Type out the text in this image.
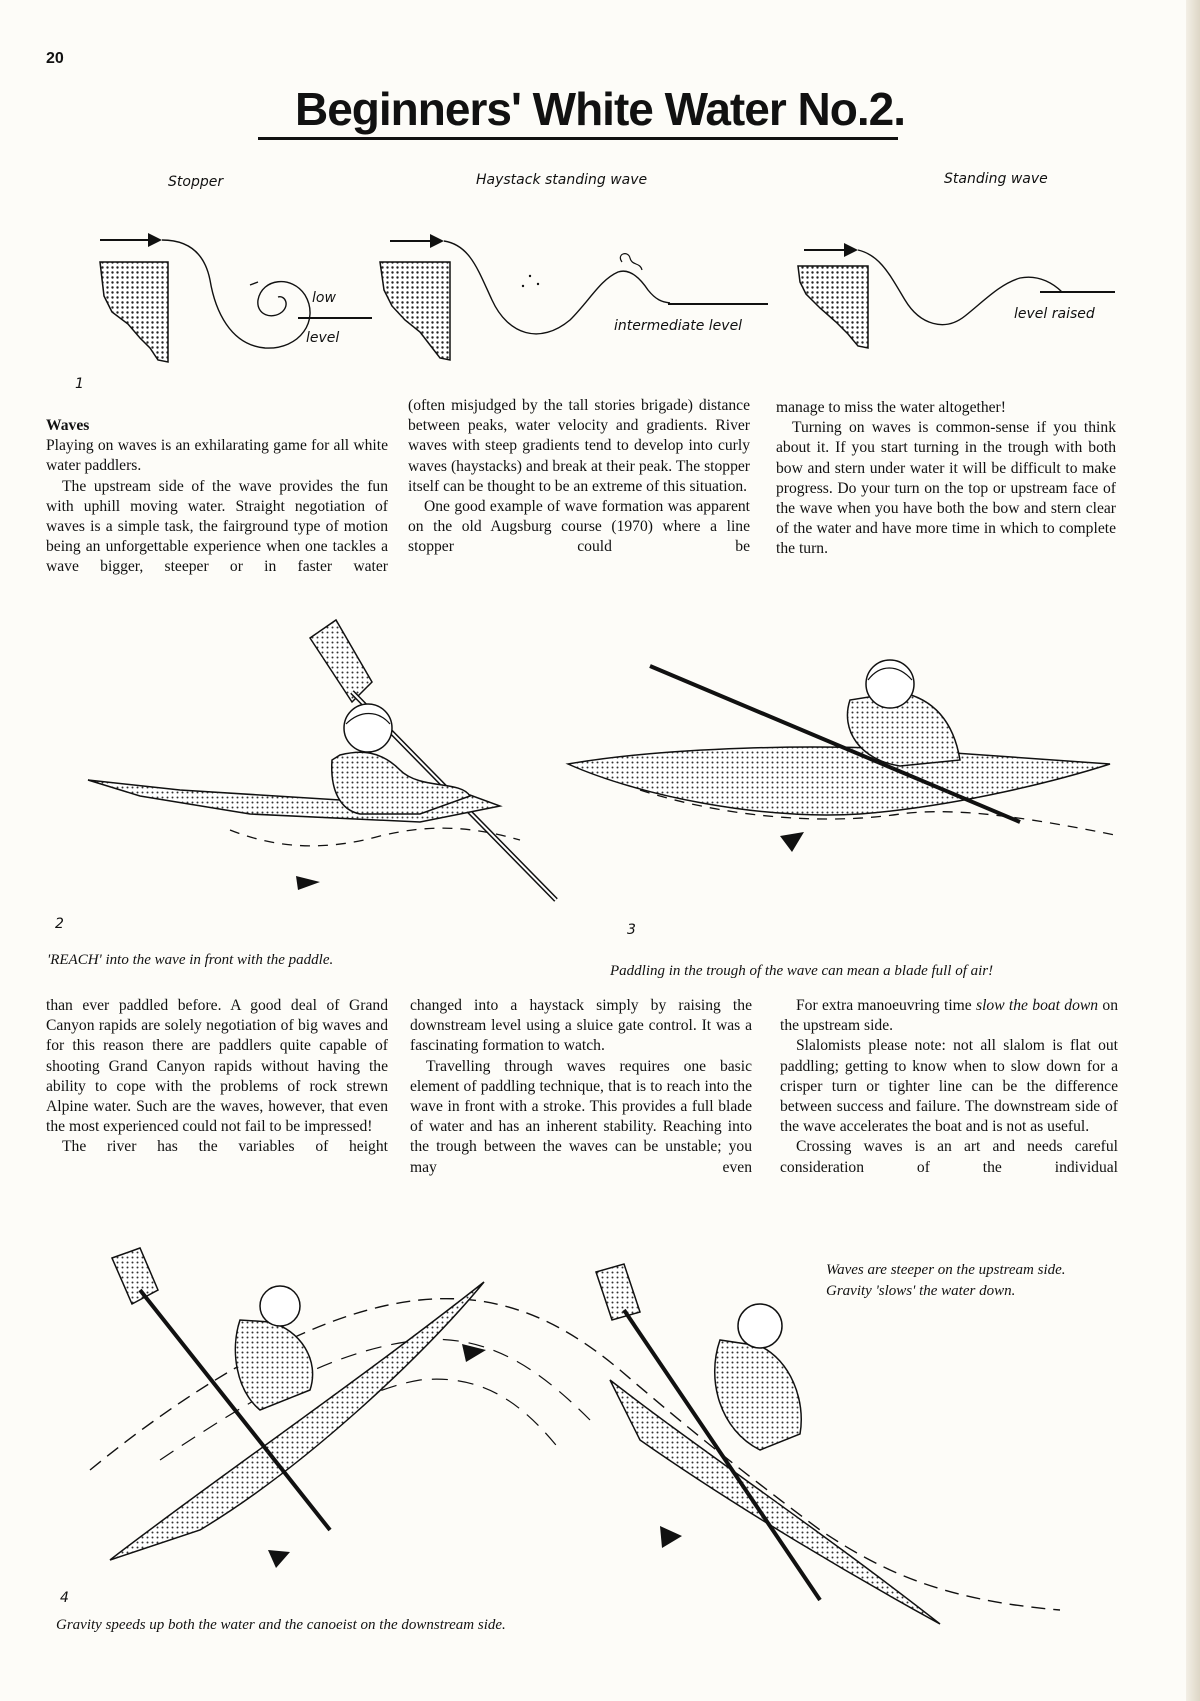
20
Beginners' White Water No.2.
Stopper	Haystack standing wave	Standing wave
low
level
intermediate level
level raised
1

Waves

Playing on waves is an exhilarating game for all white water paddlers.

The upstream side of the wave provides the fun with uphill moving water. Straight negotiation of waves is a simple task, the fairground type of motion being an unforgettable experience when one tackles a wave bigger, steeper or in faster water

(often misjudged by the tall stories brigade) distance between peaks, water velocity and gradients. River waves with steep gradients tend to develop into curly waves (haystacks) and break at their peak. The stopper itself can be thought to be an extreme of this situation.

One good example of wave formation was apparent on the old Augsburg course (1970) where a line stopper could be

manage to miss the water altogether!

Turning on waves is common-sense if you think about it. If you start turning in the trough with both bow and stern under water it will be difficult to make progress. Do your turn on the top or upstream face of the wave when you have both the bow and stern clear of the water and have more time in which to complete the turn.

2	3
'REACH' into the wave in front with the paddle.
Paddling in the trough of the wave can mean a blade full of air!

than ever paddled before. A good deal of Grand Canyon rapids are solely negotiation of big waves and for this reason there are paddlers quite capable of shooting Grand Canyon rapids without having the ability to cope with the problems of rock strewn Alpine water. Such are the waves, however, that even the most experienced could not fail to be impressed!

The river has the variables of height

changed into a haystack simply by raising the downstream level using a sluice gate control. It was a fascinating formation to watch.

Travelling through waves requires one basic element of paddling technique, that is to reach into the wave in front with a stroke. This provides a full blade of water and has an inherent stability. Reaching into the trough between the waves can be unstable; you may even

For extra manoeuvring time slow the boat down on the upstream side.

Slalomists please note: not all slalom is flat out paddling; getting to know when to slow down for a crisper turn or tighter line can be the difference between success and failure. The downstream side of the wave accelerates the boat and is not as useful.

Crossing waves is an art and needs careful consideration of the individual

Waves are steeper on the upstream side.
Gravity 'slows' the water down.
4
Gravity speeds up both the water and the canoeist on the downstream side.
